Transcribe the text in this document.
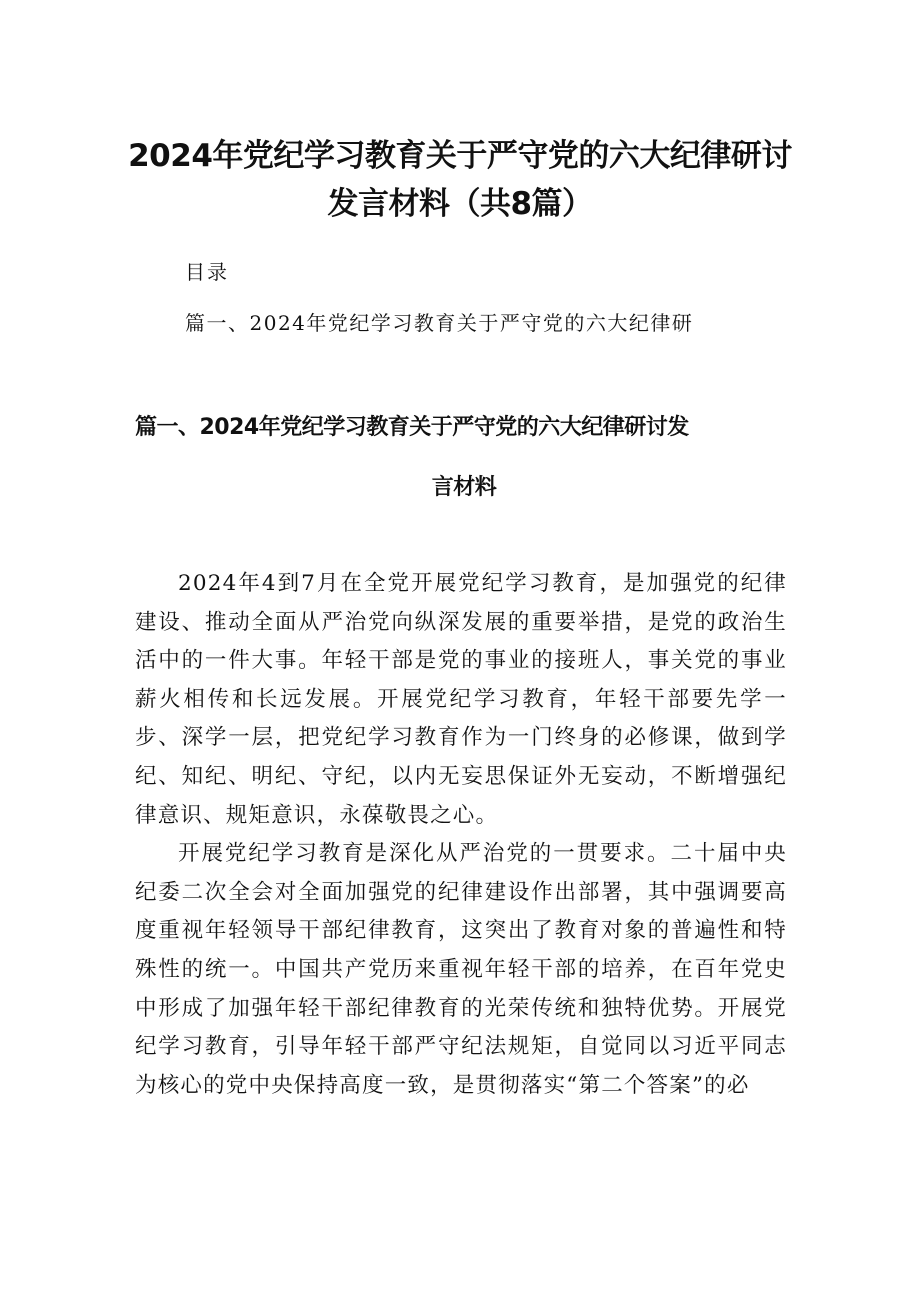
2024年党纪学习教育关于严守党的六大纪律研讨发言材料（共8篇）
目录
篇一、2024年党纪学习教育关于严守党的六大纪律研
篇一、2024年党纪学习教育关于严守党的六大纪律研讨发
言材料

2024年4到7月在全党开展党纪学习教育，是加强党的纪律建设、推动全面从严治党向纵深发展的重要举措，是党的政治生活中的一件大事。年轻干部是党的事业的接班人，事关党的事业薪火相传和长远发展。开展党纪学习教育，年轻干部要先学一步、深学一层，把党纪学习教育作为一门终身的必修课，做到学纪、知纪、明纪、守纪，以内无妄思保证外无妄动，不断增强纪律意识、规矩意识，永葆敬畏之心。

开展党纪学习教育是深化从严治党的一贯要求。二十届中央纪委二次全会对全面加强党的纪律建设作出部署，其中强调要高度重视年轻领导干部纪律教育，这突出了教育对象的普遍性和特殊性的统一。中国共产党历来重视年轻干部的培养，在百年党史中形成了加强年轻干部纪律教育的光荣传统和独特优势。开展党纪学习教育，引导年轻干部严守纪法规矩，自觉同以习近平同志为核心的党中央保持高度一致，是贯彻落实“第二个答案”的必
